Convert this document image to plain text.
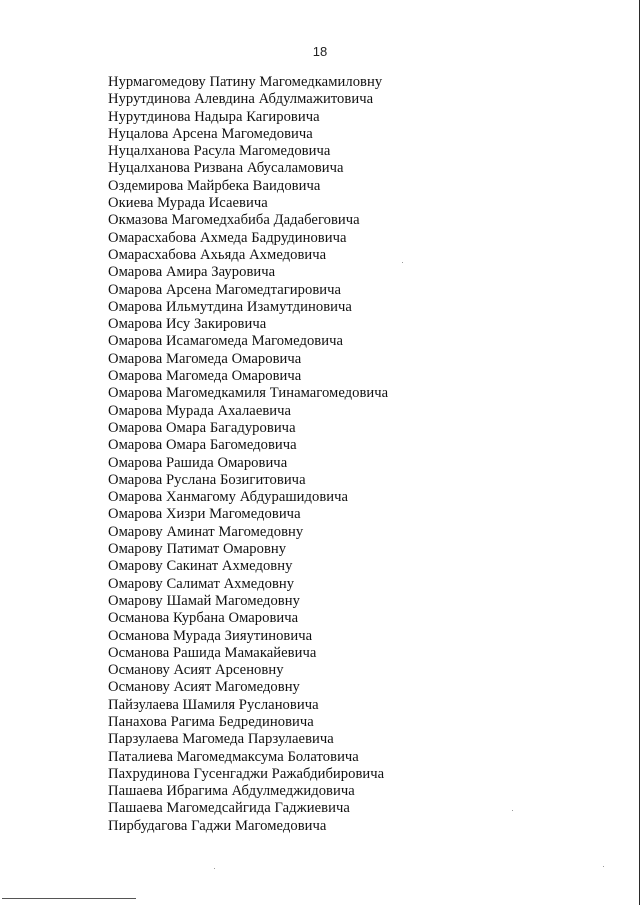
18
Нурмагомедову Патину Магомедкамиловну
Нурутдинова Алевдина Абдулмажитовича
Нурутдинова Надыра Кагировича
Нуцалова Арсена Магомедовича
Нуцалханова Расула Магомедовича
Нуцалханова Ризвана Абусаламовича
Оздемирова Майрбека Ваидовича
Окиева Мурада Исаевича
Окмазова Магомедхабиба Дадабеговича
Омарасхабова Ахмеда Бадрудиновича
Омарасхабова Ахьяда Ахмедовича
Омарова Амира Зауровича
Омарова Арсена Магомедтагировича
Омарова Ильмутдина Изамутдиновича
Омарова Ису Закировича
Омарова Исамагомеда Магомедовича
Омарова Магомеда Омаровича
Омарова Магомеда Омаровича
Омарова Магомедкамиля Тинамагомедовича
Омарова Мурада Ахалаевича
Омарова Омара Багадуровича
Омарова Омара Багомедовича
Омарова Рашида Омаровича
Омарова Руслана Бозигитовича
Омарова Ханмагому Абдурашидовича
Омарова Хизри Магомедовича
Омарову Аминат Магомедовну
Омарову Патимат Омаровну
Омарову Сакинат Ахмедовну
Омарову Салимат Ахмедовну
Омарову Шамай Магомедовну
Османова Курбана Омаровича
Османова Мурада Зияутиновича
Османова Рашида Мамакайевича
Османову Асият Арсеновну
Османову Асият Магомедовну
Пайзулаева Шамиля Руслановича
Панахова Рагима Бедрединовича
Парзулаева Магомеда Парзулаевича
Паталиева Магомедмаксума Болатовича
Пахрудинова Гусенгаджи Ражабдибировича
Пашаева Ибрагима Абдулмеджидовича
Пашаева Магомедсайгида Гаджиевича
Пирбудагова Гаджи Магомедовича
